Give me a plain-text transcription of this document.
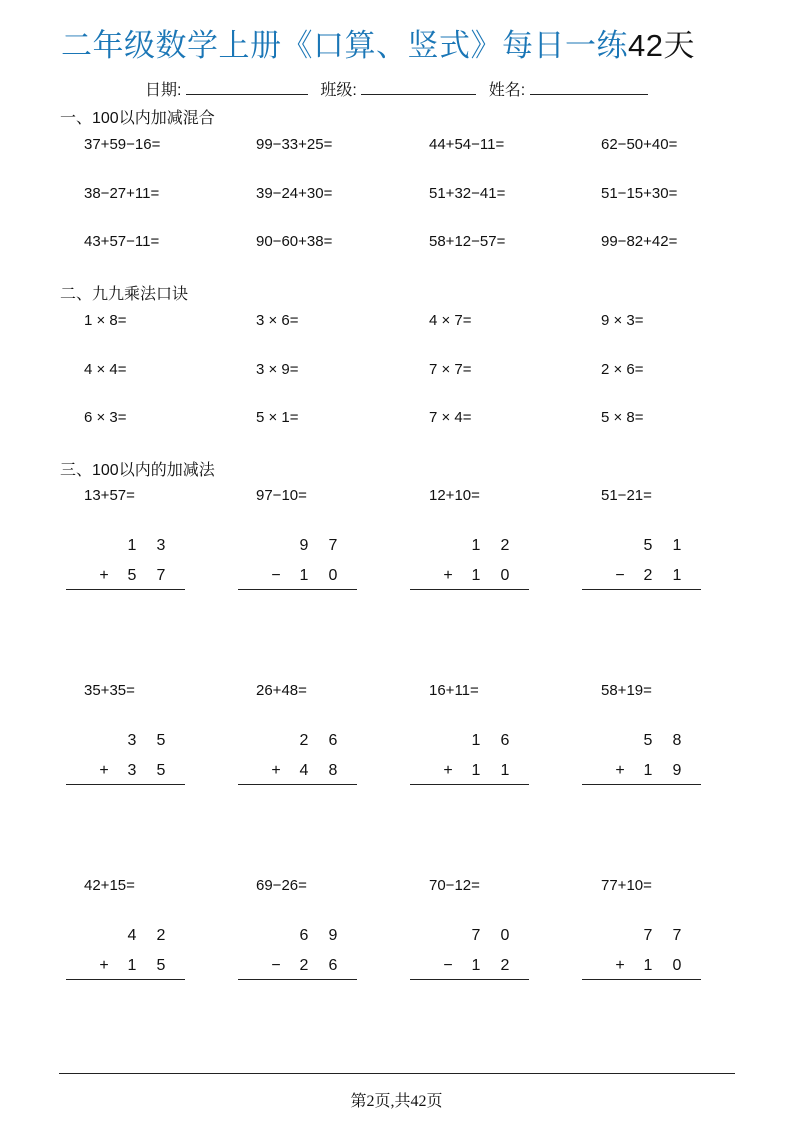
二年级数学上册《口算、竖式》每日一练42天
日期:	班级:	姓名:
一、100以内加减混合
二、九九乘法口诀
三、100以内的加减法
37+59−16=	99−33+25=	44+54−11=	62−50+40=
38−27+11=	39−24+30=	51+32−41=	51−15+30=
43+57−11=	90−60+38=	58+12−57=	99−82+42=
1 × 8=	3 × 6=	4 × 7=	9 × 3=
4 × 4=	3 × 9=	7 × 7=	2 × 6=
6 × 3=	5 × 1=	7 × 4=	5 × 8=
13+57=
1 3
+ 5 7
97−10=
9 7
− 1 0
12+10=
1 2
+ 1 0
51−21=
5 1
− 2 1
35+35=
3 5
+ 3 5
26+48=
2 6
+ 4 8
16+11=
1 6
+ 1 1
58+19=
5 8
+ 1 9
42+15=
4 2
+ 1 5
69−26=
6 9
− 2 6
70−12=
7 0
− 1 2
77+10=
7 7
+ 1 0
第2页,共42页
